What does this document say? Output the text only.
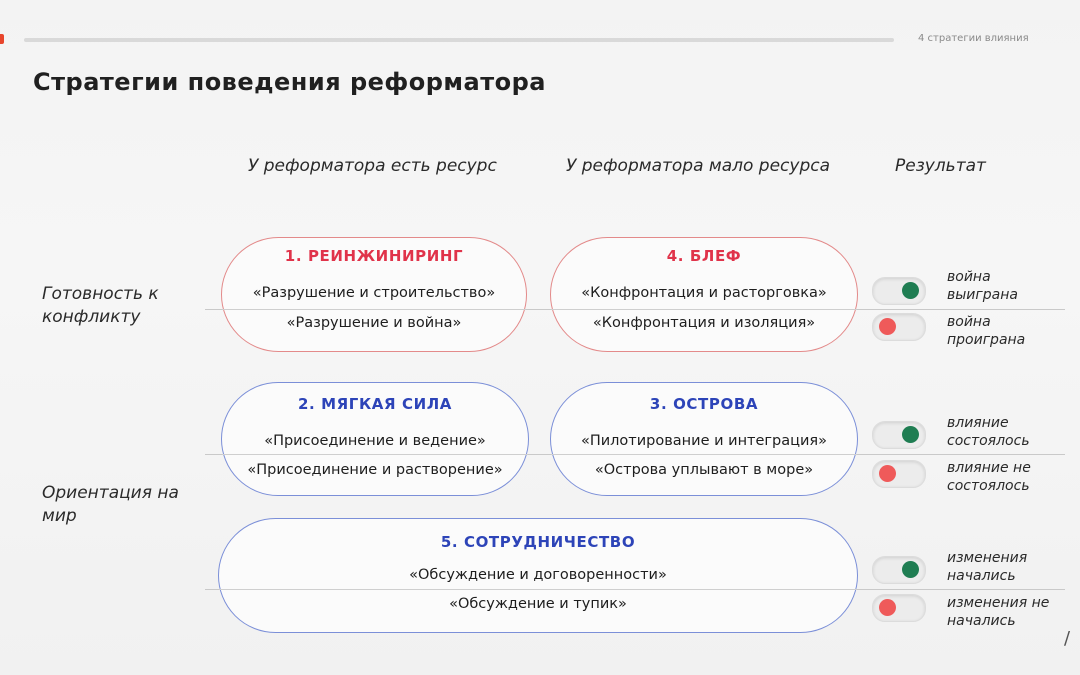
4 стратегии влияния
Стратегии поведения реформатора
У реформатора есть ресурс	У реформатора мало ресурса	Результат
Готовность к
конфликту
Ориентация на
мир
1. РЕИНЖИНИРИНГ
«Разрушение и строительство»
«Разрушение и война»
4. БЛЕФ
«Конфронтация и расторговка»
«Конфронтация и изоляция»
2. МЯГКАЯ СИЛА
«Присоединение и ведение»
«Присоединение и растворение»
3. ОСТРОВА
«Пилотирование и интеграция»
«Острова уплывают в море»
5. СОТРУДНИЧЕСТВО
«Обсуждение и договоренности»
«Обсуждение и тупик»
война
выиграна
война
проиграна
влияние
состоялось
влияние не
состоялось
изменения
начались
изменения не
начались
/
